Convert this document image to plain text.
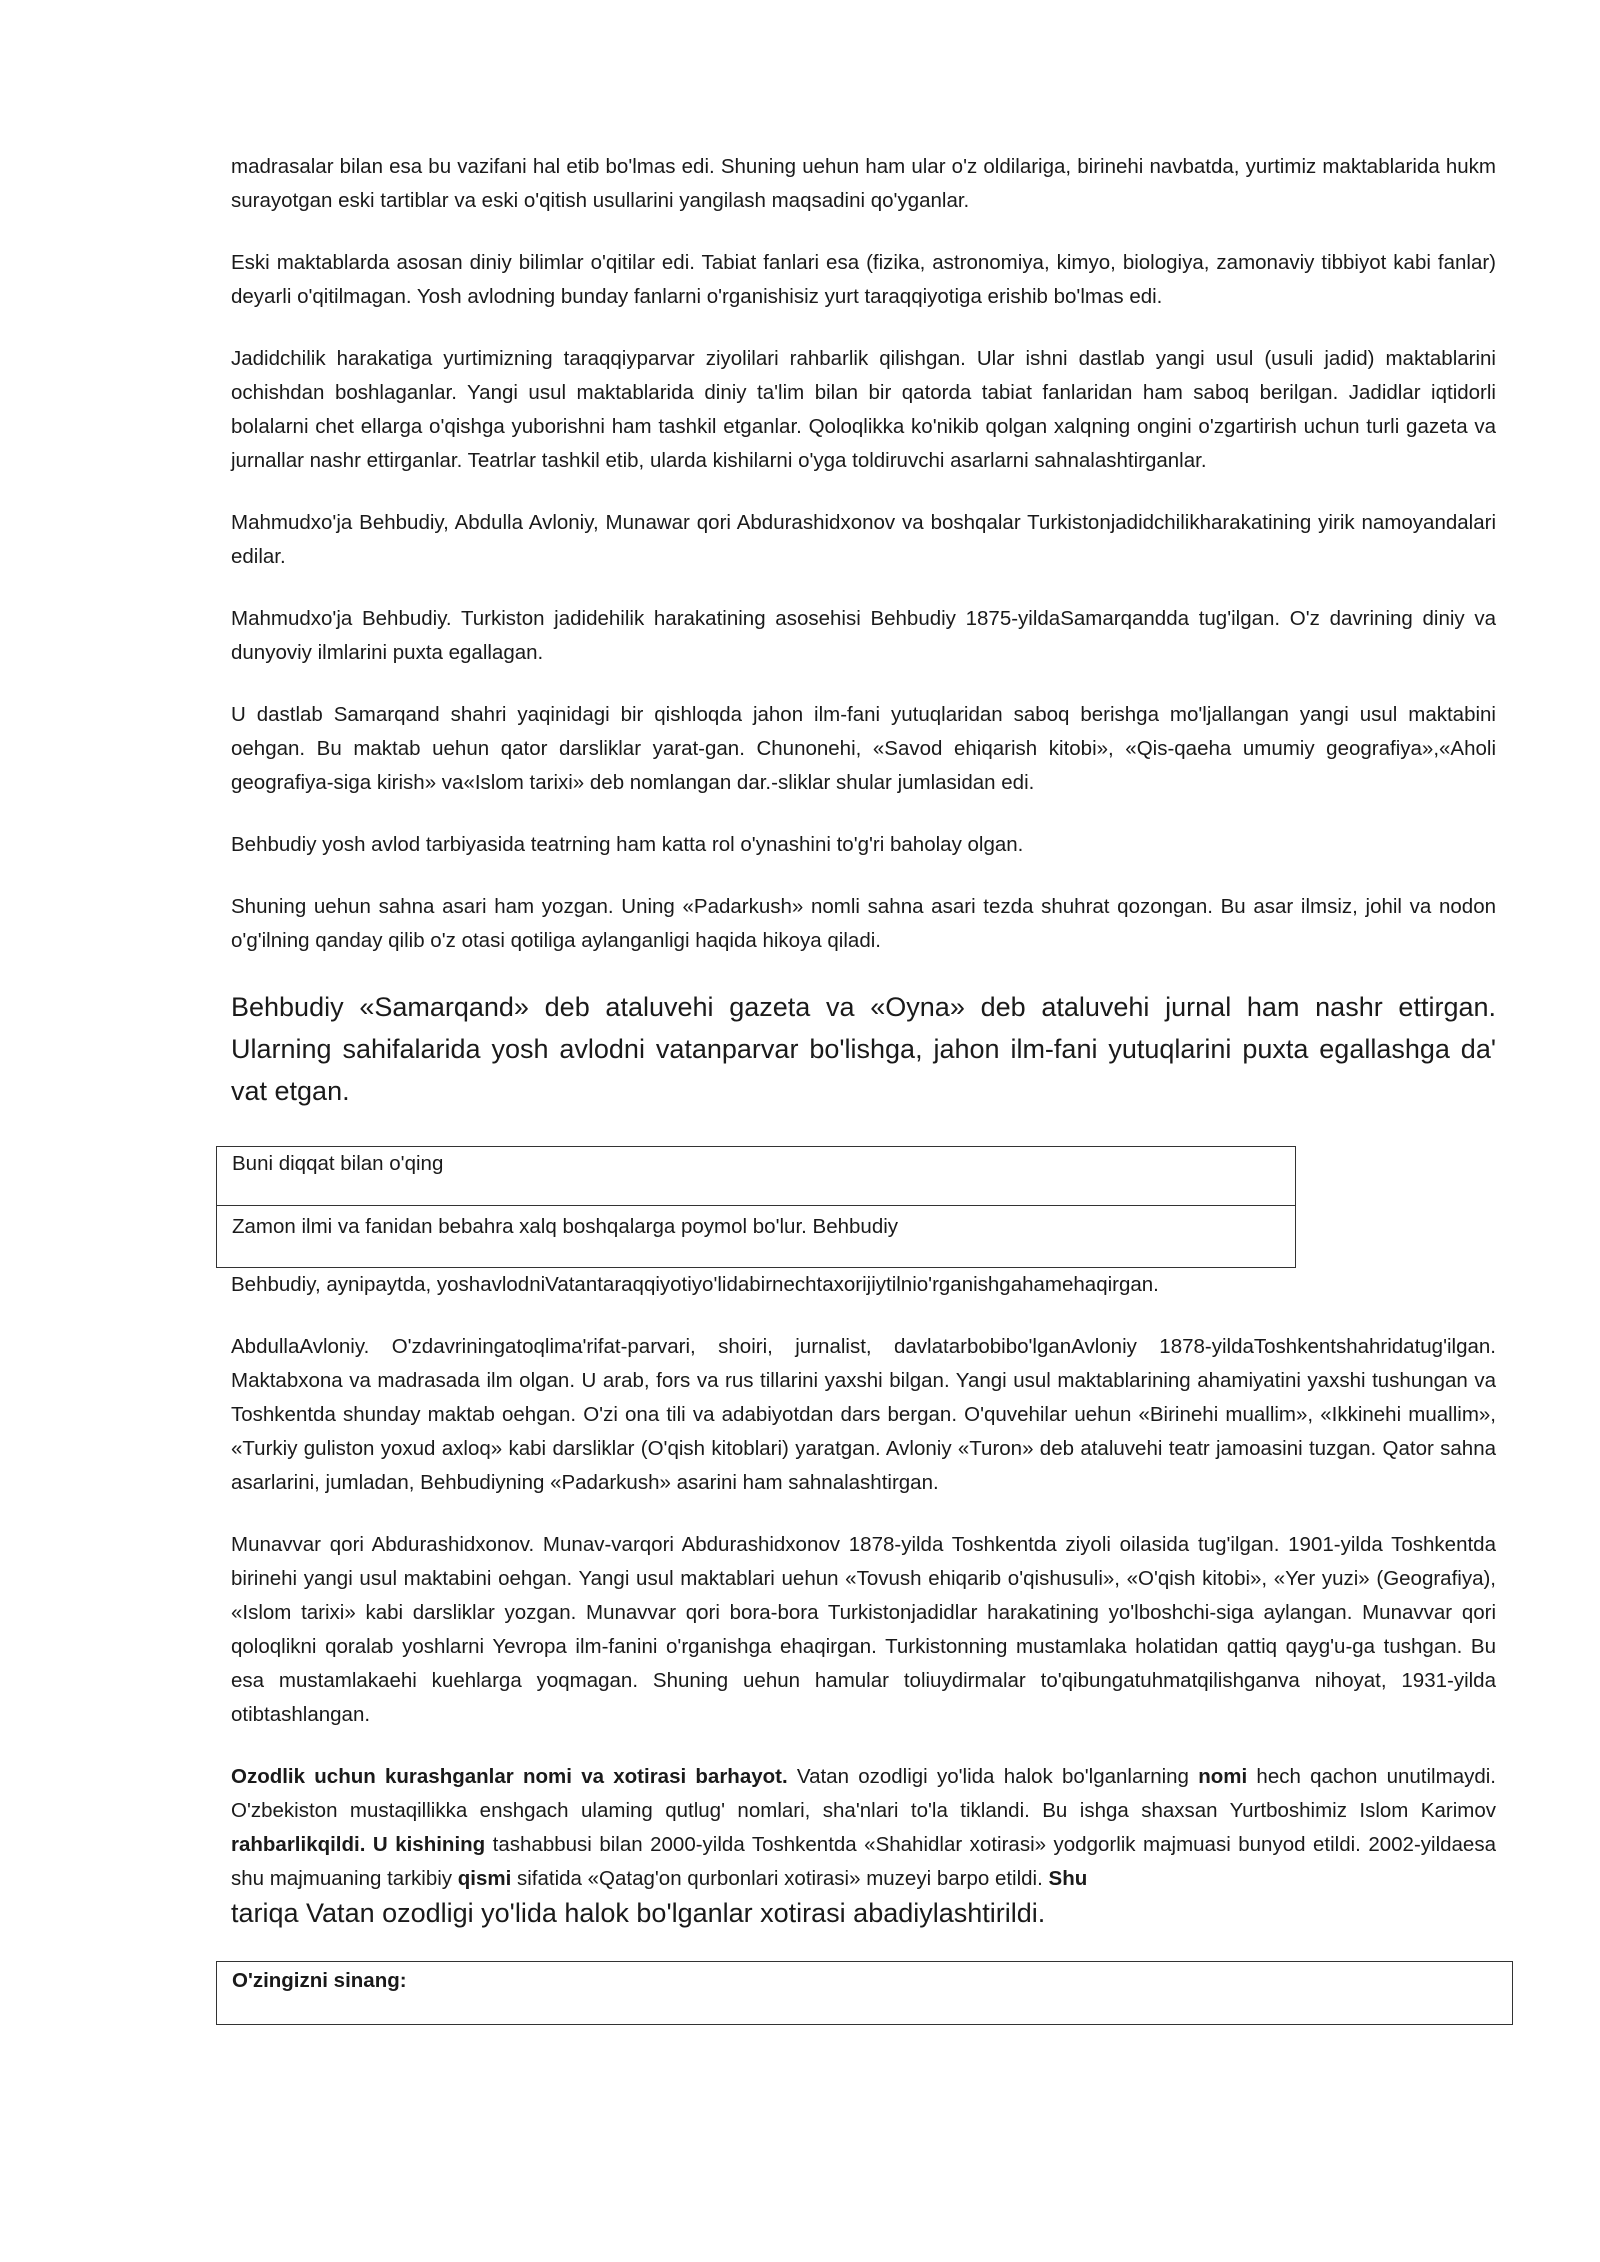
madrasalar bilan esa bu vazifani hal etib bo'lmas edi. Shuning uehun ham ular o'z oldilariga, birinehi navbatda, yurtimiz maktablarida hukm surayotgan eski tartiblar va eski o'qitish usullarini yangilash maqsadini qo'yganlar.

Eski maktablarda asosan diniy bilimlar o'qitilar edi. Tabiat fanlari esa (fizika, astronomiya, kimyo, biologiya, zamonaviy tibbiyot kabi fanlar) deyarli o'qitilmagan. Yosh avlodning bunday fanlarni o'rganishisiz yurt taraqqiyotiga erishib bo'lmas edi.

Jadidchilik harakatiga yurtimizning taraqqiyparvar ziyolilari rahbarlik qilishgan. Ular ishni dastlab yangi usul (usuli jadid) maktablarini ochishdan boshlaganlar. Yangi usul maktablarida diniy ta'lim bilan bir qatorda tabiat fanlaridan ham saboq berilgan. Jadidlar iqtidorli bolalarni chet ellarga o'qishga yuborishni ham tashkil etganlar. Qoloqlikka ko'nikib qolgan xalqning ongini o'zgartirish uchun turli gazeta va jurnallar nashr ettirganlar. Teatrlar tashkil etib, ularda kishilarni o'yga toldiruvchi asarlarni sahnalashtirganlar.

Mahmudxo'ja Behbudiy, Abdulla Avloniy, Munawar qori Abdurashidxonov va boshqalar Turkistonjadidchilikharakatining yirik namoyandalari edilar.

Mahmudxo'ja Behbudiy. Turkiston jadidehilik harakatining asosehisi Behbudiy 1875-yildaSamarqandda tug'ilgan. O'z davrining diniy va dunyoviy ilmlarini puxta egallagan.

U dastlab Samarqand shahri yaqinidagi bir qishloqda jahon ilm-fani yutuqlaridan saboq berishga mo'ljallangan yangi usul maktabini oehgan. Bu maktab uehun qator darsliklar yarat-gan. Chunonehi, «Savod ehiqarish kitobi», «Qis-qaeha umumiy geografiya»,«Aholi geografiya-siga kirish» va«Islom tarixi» deb nomlangan dar.-sliklar shular jumlasidan edi.

Behbudiy yosh avlod tarbiyasida teatrning ham katta rol o'ynashini to'g'ri baholay olgan.

Shuning uehun sahna asari ham yozgan. Uning «Padarkush» nomli sahna asari tezda shuhrat qozongan. Bu asar ilmsiz, johil va nodon o'g'ilning qanday qilib o'z otasi qotiliga aylanganligi haqida hikoya qiladi.

Behbudiy «Samarqand» deb ataluvehi gazeta va «Oyna» deb ataluvehi jurnal ham nashr ettirgan. Ularning sahifalarida yosh avlodni vatanparvar bo'lishga, jahon ilm-fani yutuqlarini puxta egallashga da' vat etgan.

Buni diqqat bilan o'qing
Zamon ilmi va fanidan bebahra xalq boshqalarga poymol bo'lur. Behbudiy

Behbudiy, aynipaytda, yoshavlodniVatantaraqqiyotiyo'lidabirnechtaxorijiytilnio'rganishgahamehaqirgan.

AbdullaAvloniy. O'zdavriningatoqlima'rifat-parvari, shoiri, jurnalist, davlatarbobibo'lganAvloniy 1878-yildaToshkentshahridatug'ilgan. Maktabxona va madrasada ilm olgan. U arab, fors va rus tillarini yaxshi bilgan. Yangi usul maktablarining ahamiyatini yaxshi tushungan va Toshkentda shunday maktab oehgan. O'zi ona tili va adabiyotdan dars bergan. O'quvehilar uehun «Birinehi muallim», «Ikkinehi muallim», «Turkiy guliston yoxud axloq» kabi darsliklar (O'qish kitoblari) yaratgan. Avloniy «Turon» deb ataluvehi teatr jamoasini tuzgan. Qator sahna asarlarini, jumladan, Behbudiyning «Padarkush» asarini ham sahnalashtirgan.

Munavvar qori Abdurashidxonov. Munav-varqori Abdurashidxonov 1878-yilda Toshkentda ziyoli oilasida tug'ilgan. 1901-yilda Toshkentda birinehi yangi usul maktabini oehgan. Yangi usul maktablari uehun «Tovush ehiqarib o'qishusuli», «O'qish kitobi», «Yer yuzi» (Geografiya), «Islom tarixi» kabi darsliklar yozgan. Munavvar qori bora-bora Turkistonjadidlar harakatining yo'lboshchi-siga aylangan. Munavvar qori qoloqlikni qoralab yoshlarni Yevropa ilm-fanini o'rganishga ehaqirgan. Turkistonning mustamlaka holatidan qattiq qayg'u-ga tushgan. Bu esa mustamlakaehi kuehlarga yoqmagan. Shuning uehun hamular toliuydirmalar to'qibungatuhmatqilishganva nihoyat, 1931-yilda otibtashlangan.

Ozodlik uchun kurashganlar nomi va xotirasi barhayot. Vatan ozodligi yo'lida halok bo'lganlarning nomi hech qachon unutilmaydi. O'zbekiston mustaqillikka enshgach ulaming qutlug' nomlari, sha'nlari to'la tiklandi. Bu ishga shaxsan Yurtboshimiz Islom Karimov rahbarlikqildi. U kishining tashabbusi bilan 2000-yilda Toshkentda «Shahidlar xotirasi» yodgorlik majmuasi bunyod etildi. 2002-yildaesa shu majmuaning tarkibiy qismi sifatida «Qatag'on qurbonlari xotirasi» muzeyi barpo etildi. Shu
tariqa Vatan ozodligi yo'lida halok bo'lganlar xotirasi abadiylashtirildi.

O'zingizni sinang:
